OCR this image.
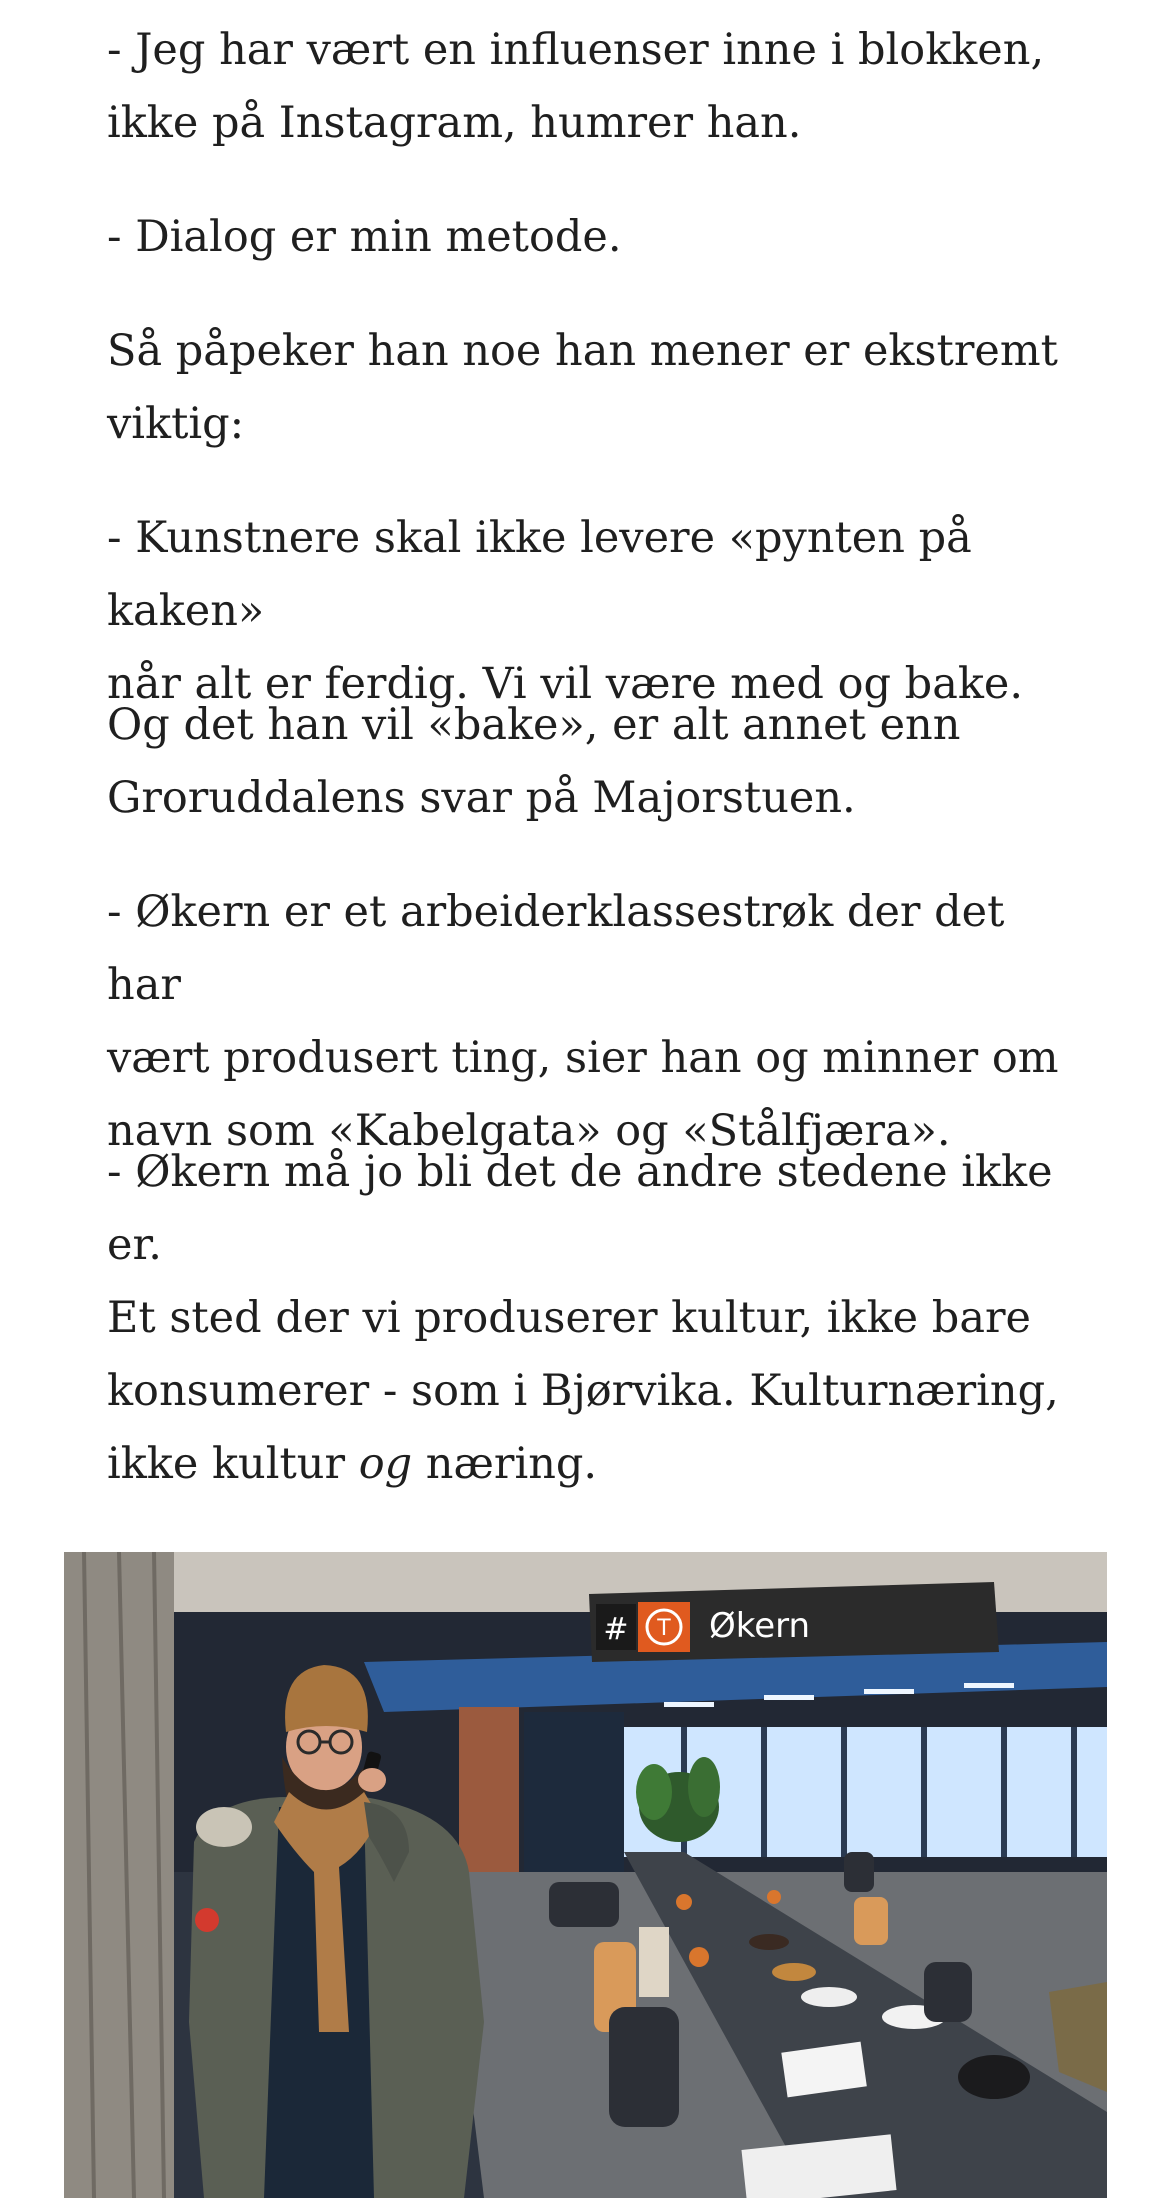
- Jeg har vært en influenser inne i blokken,
ikke på Instagram, humrer han.

- Dialog er min metode.

Så påpeker han noe han mener er ekstremt
viktig:

- Kunstnere skal ikke levere «pynten på kaken»
når alt er ferdig. Vi vil være med og bake.

Og det han vil «bake», er alt annet enn
Groruddalens svar på Majorstuen.

- Økern er et arbeiderklassestrøk der det har
vært produsert ting, sier han og minner om
navn som «Kabelgata» og «Stålfjæra».

- Økern må jo bli det de andre stedene ikke er.
Et sted der vi produserer kultur, ikke bare
konsumerer - som i Bjørvika. Kulturnæring,
ikke kultur og næring.

# T Økern
